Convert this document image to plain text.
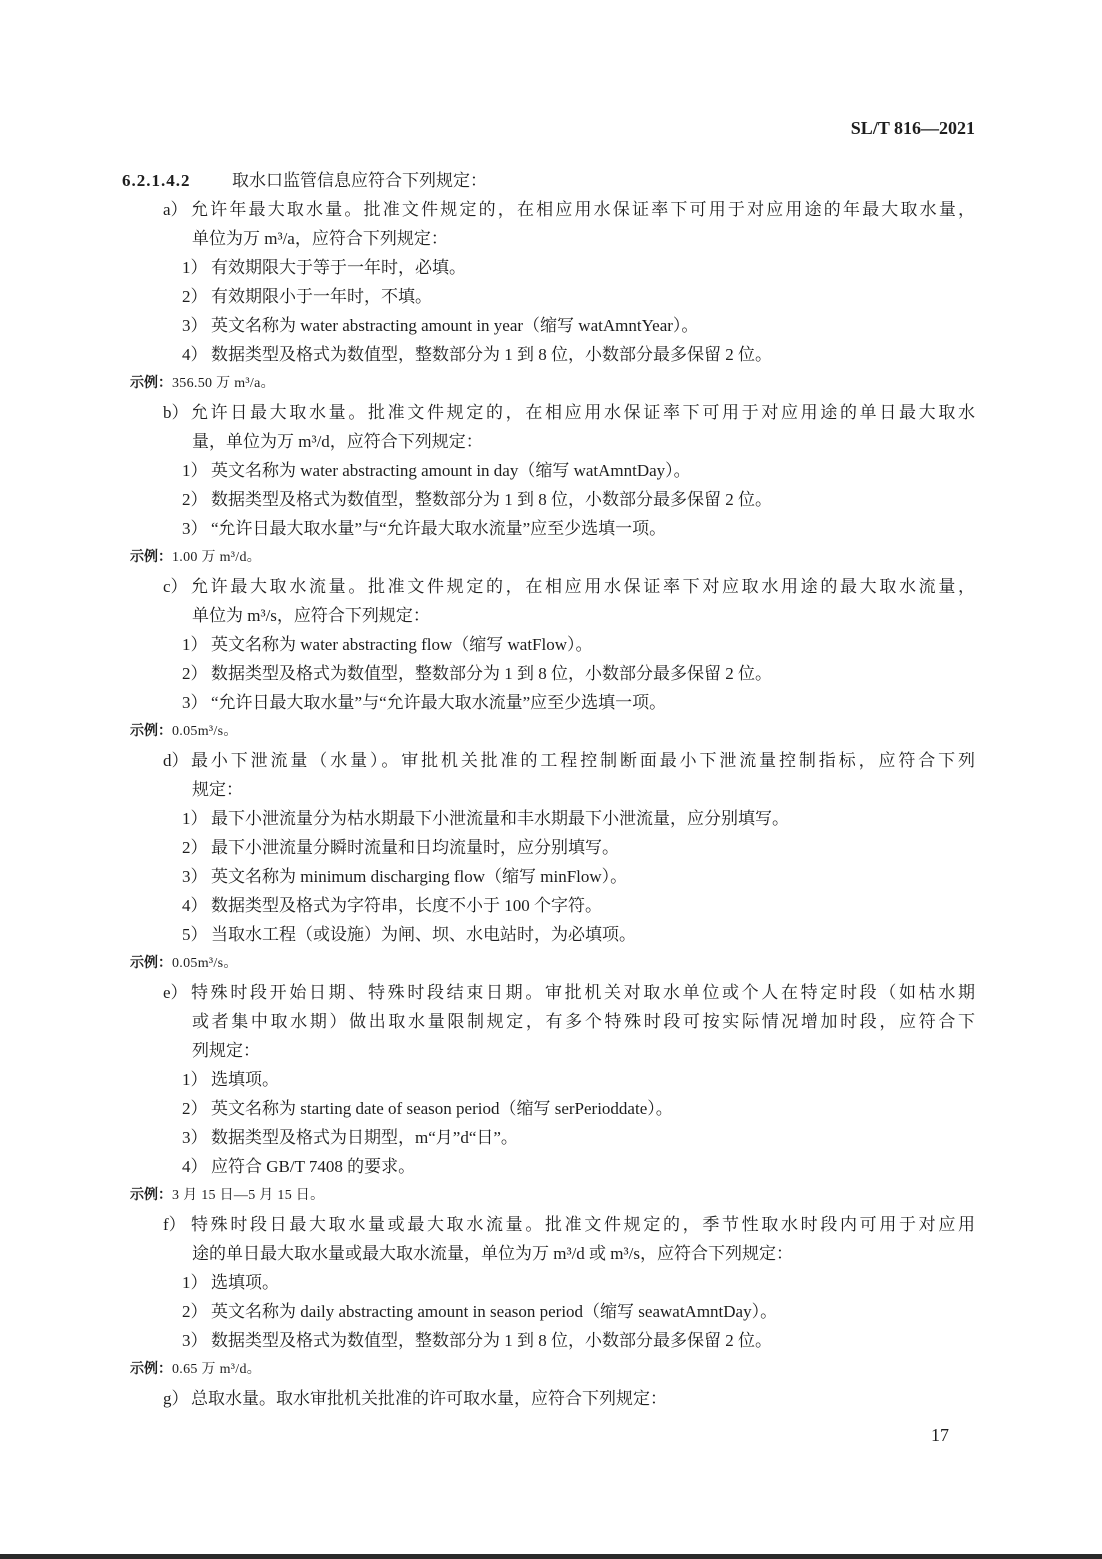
SL/T 816—2021
6.2.1.4.2	取水口监管信息应符合下列规定：
a） 允许年最大取水量。批准文件规定的，在相应用水保证率下可用于对应用途的年最大取水量，
单位为万 m³/a，应符合下列规定：
1） 有效期限大于等于一年时，必填。
2） 有效期限小于一年时，不填。
3） 英文名称为 water abstracting amount in year（缩写 watAmntYear）。
4） 数据类型及格式为数值型，整数部分为 1 到 8 位，小数部分最多保留 2 位。
示例： 356.50 万 m³/a。
b） 允许日最大取水量。批准文件规定的，在相应用水保证率下可用于对应用途的单日最大取水
量，单位为万 m³/d，应符合下列规定：
1） 英文名称为 water abstracting amount in day（缩写 watAmntDay）。
2） 数据类型及格式为数值型，整数部分为 1 到 8 位，小数部分最多保留 2 位。
3） “允许日最大取水量”与“允许最大取水流量”应至少选填一项。
示例： 1.00 万 m³/d。
c） 允许最大取水流量。批准文件规定的，在相应用水保证率下对应取水用途的最大取水流量，
单位为 m³/s，应符合下列规定：
1） 英文名称为 water abstracting flow（缩写 watFlow）。
2） 数据类型及格式为数值型，整数部分为 1 到 8 位，小数部分最多保留 2 位。
3） “允许日最大取水量”与“允许最大取水流量”应至少选填一项。
示例： 0.05m³/s。
d） 最小下泄流量（水量）。审批机关批准的工程控制断面最小下泄流量控制指标，应符合下列
规定：
1） 最下小泄流量分为枯水期最下小泄流量和丰水期最下小泄流量，应分别填写。
2） 最下小泄流量分瞬时流量和日均流量时，应分别填写。
3） 英文名称为 minimum discharging flow（缩写 minFlow）。
4） 数据类型及格式为字符串，长度不小于 100 个字符。
5） 当取水工程（或设施）为闸、坝、水电站时，为必填项。
示例： 0.05m³/s。
e） 特殊时段开始日期、特殊时段结束日期。审批机关对取水单位或个人在特定时段（如枯水期
或者集中取水期）做出取水量限制规定，有多个特殊时段可按实际情况增加时段，应符合下
列规定：
1） 选填项。
2） 英文名称为 starting date of season period（缩写 serPerioddate）。
3） 数据类型及格式为日期型，m“月”d“日”。
4） 应符合 GB/T 7408 的要求。
示例： 3 月 15 日—5 月 15 日。
f） 特殊时段日最大取水量或最大取水流量。批准文件规定的，季节性取水时段内可用于对应用
途的单日最大取水量或最大取水流量，单位为万 m³/d 或 m³/s，应符合下列规定：
1） 选填项。
2） 英文名称为 daily abstracting amount in season period（缩写 seawatAmntDay）。
3） 数据类型及格式为数值型，整数部分为 1 到 8 位，小数部分最多保留 2 位。
示例： 0.65 万 m³/d。
g） 总取水量。取水审批机关批准的许可取水量，应符合下列规定：
17
